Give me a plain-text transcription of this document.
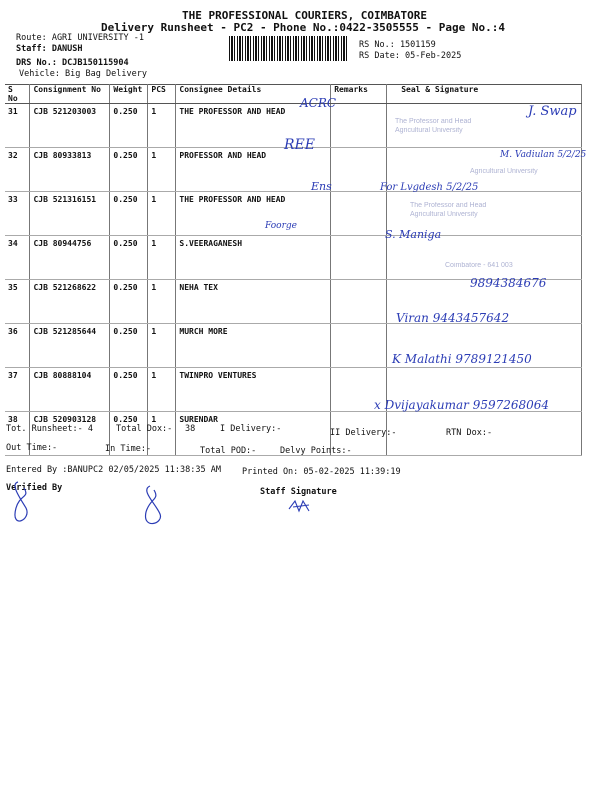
THE PROFESSIONAL COURIERS, COIMBATORE
Delivery Runsheet - PC2 - Phone No.:0422-3505555 - Page No.:4
Route: AGRI UNIVERSITY -1
Staff: DANUSH
DRS No.: DCJB150115904
Vehicle: Big Bag Delivery
RS No.: 1501159
RS Date: 05-Feb-2025
S No	Consignment No	Weight	PCS	Consignee Details	Remarks	Seal & Signature
31	CJB 521203003	0.250	1	THE PROFESSOR AND HEAD		
32	CJB 80933813	0.250	1	PROFESSOR AND HEAD		
33	CJB 521316151	0.250	1	THE PROFESSOR AND HEAD		
34	CJB 80944756	0.250	1	S.VEERAGANESH		
35	CJB 521268622	0.250	1	NEHA TEX		
36	CJB 521285644	0.250	1	MURCH MORE		
37	CJB 80888104	0.250	1	TWINPRO VENTURES		
38	CJB 520903128	0.250	1	SURENDAR		
The Professor and Head
Agricultural University
Agricultural University
The Professor and Head
Agricultural University
Coimbatore - 641 003
ACRC
REE
Ens
Foorge
J. Swap
M. Vadiulan 5/2/25
For Lvgdesh 5/2/25
S. Maniga
9894384676
Viran 9443457642
K Malathi 9789121450
x Dvijayakumar 9597268064
Tot. Runsheet:- 4	Total Dox:- 38	I Delivery:-	II Delivery:-	RTN Dox:-
Out Time:-	In Time:-	Total POD:-	Delvy Points:-
Entered By :BANUPC2 02/05/2025 11:38:35 AM Printed On: 05-02-2025 11:39:19
Verified By	Staff Signature
